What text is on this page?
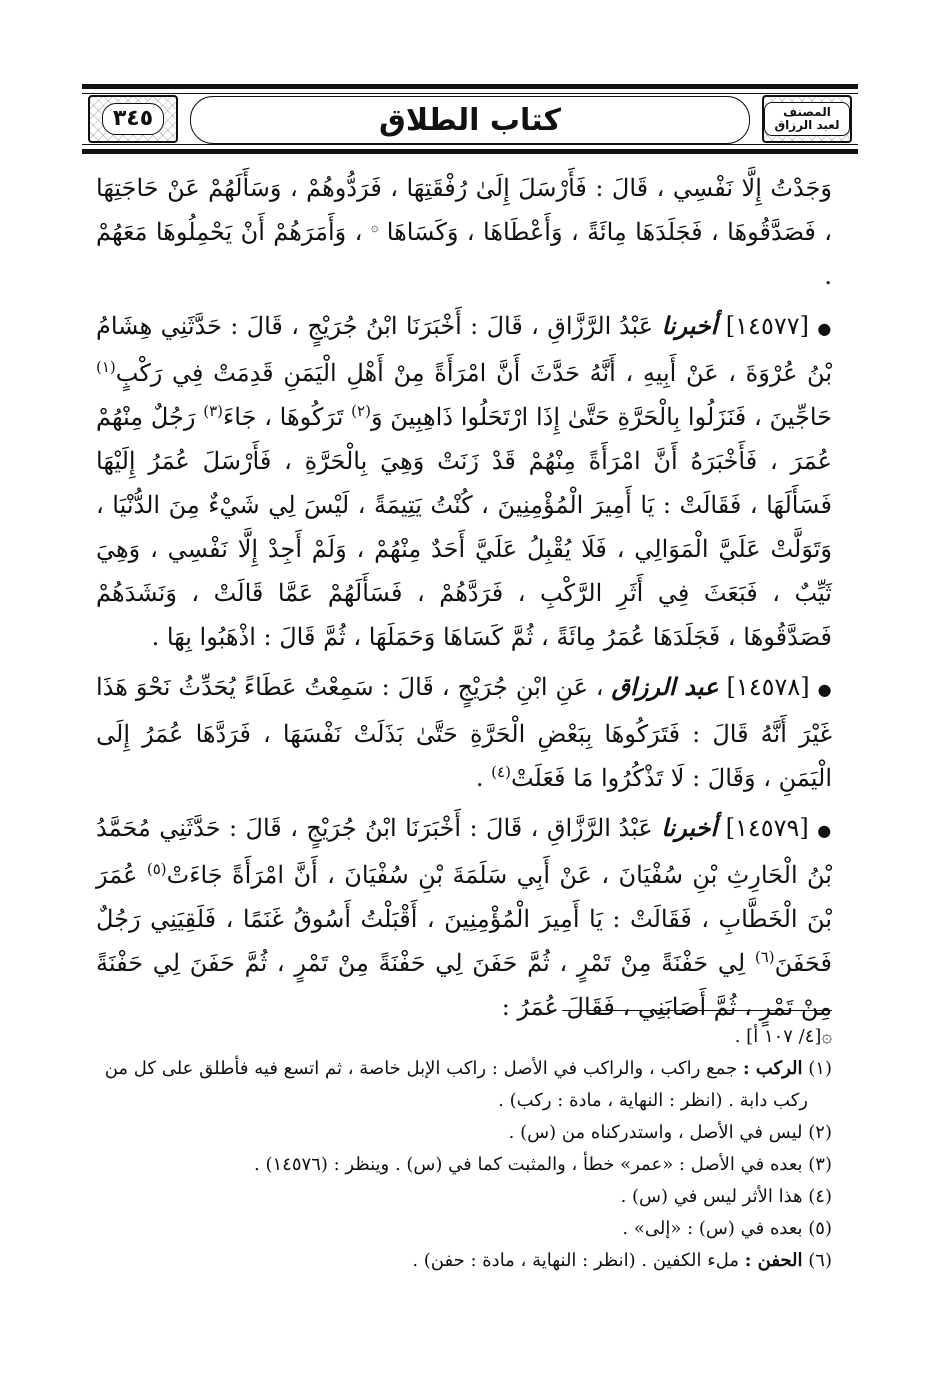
٣٤٥	كتاب الطلاق	المصنف لعبد الرزاق

وَجَدْتُ إِلَّا نَفْسِي ، قَالَ : فَأَرْسَلَ إِلَىٰ رُفْقَتِهَا ، فَرَدُّوهُمْ ، وَسَأَلَهُمْ عَنْ حَاجَتِهَا ، فَصَدَّقُوهَا ، فَجَلَدَهَا مِائَةً ، وَأَعْطَاهَا ، وَكَسَاهَا ۞ ، وَأَمَرَهُمْ أَنْ يَحْمِلُوهَا مَعَهُمْ .

● [١٤٥٧٧] أخبرنا عَبْدُ الرَّزَّاقِ ، قَالَ : أَخْبَرَنَا ابْنُ جُرَيْجٍ ، قَالَ : حَدَّثَنِي هِشَامُ بْنُ عُرْوَةَ ، عَنْ أَبِيهِ ، أَنَّهُ حَدَّثَ أَنَّ امْرَأَةً مِنْ أَهْلِ الْيَمَنِ قَدِمَتْ فِي رَكْبٍ$^{(١)}$ حَاجِّينَ ، فَنَزَلُوا بِالْحَرَّةِ حَتَّىٰ إِذَا ارْتَحَلُوا ذَاهِبِينَ وَ$^{(٢)}$ تَرَكُوهَا ، جَاءَ$^{(٣)}$ رَجُلٌ مِنْهُمْ عُمَرَ ، فَأَخْبَرَهُ أَنَّ امْرَأَةً مِنْهُمْ قَدْ زَنَتْ وَهِيَ بِالْحَرَّةِ ، فَأَرْسَلَ عُمَرُ إِلَيْهَا فَسَأَلَهَا ، فَقَالَتْ : يَا أَمِيرَ الْمُؤْمِنِينَ ، كُنْتُ يَتِيمَةً ، لَيْسَ لِي شَيْءٌ مِنَ الدُّنْيَا ، وَتَوَلَّتْ عَلَيَّ الْمَوَالِي ، فَلَا يُقْبِلُ عَلَيَّ أَحَدٌ مِنْهُمْ ، وَلَمْ أَجِدْ إِلَّا نَفْسِي ، وَهِيَ ثَيِّبٌ ، فَبَعَثَ فِي أَثَرِ الرَّكْبِ ، فَرَدَّهُمْ ، فَسَأَلَهُمْ عَمَّا قَالَتْ ، وَنَشَدَهُمْ فَصَدَّقُوهَا ، فَجَلَدَهَا عُمَرُ مِائَةً ، ثُمَّ كَسَاهَا وَحَمَلَهَا ، ثُمَّ قَالَ : اذْهَبُوا بِهَا .

● [١٤٥٧٨] عبد الرزاق ، عَنِ ابْنِ جُرَيْجٍ ، قَالَ : سَمِعْتُ عَطَاءً يُحَدِّثُ نَحْوَ هَذَا غَيْرَ أَنَّهُ قَالَ : فَتَرَكُوهَا بِبَعْضِ الْحَرَّةِ حَتَّىٰ بَذَلَتْ نَفْسَهَا ، فَرَدَّهَا عُمَرُ إِلَى الْيَمَنِ ، وَقَالَ : لَا تَذْكُرُوا مَا فَعَلَتْ$^{(٤)}$ .

● [١٤٥٧٩] أخبرنا عَبْدُ الرَّزَّاقِ ، قَالَ : أَخْبَرَنَا ابْنُ جُرَيْجٍ ، قَالَ : حَدَّثَنِي مُحَمَّدُ بْنُ الْحَارِثِ بْنِ سُفْيَانَ ، عَنْ أَبِي سَلَمَةَ بْنِ سُفْيَانَ ، أَنَّ امْرَأَةً جَاءَتْ$^{(٥)}$ عُمَرَ بْنَ الْخَطَّابِ ، فَقَالَتْ : يَا أَمِيرَ الْمُؤْمِنِينَ ، أَقْبَلْتُ أَسُوقُ غَنَمًا ، فَلَقِيَنِي رَجُلٌ فَحَفَنَ$^{(٦)}$ لِي حَفْنَةً مِنْ تَمْرٍ ، ثُمَّ حَفَنَ لِي حَفْنَةً مِنْ تَمْرٍ ، ثُمَّ حَفَنَ لِي حَفْنَةً مِنْ تَمْرٍ ، ثُمَّ أَصَابَنِي ، فَقَالَ عُمَرُ :

۞[٤/ ١٠٧ أ] .

(١) الركب : جمع راكب ، والراكب في الأصل : راكب الإبل خاصة ، ثم اتسع فيه فأطلق على كل من

ركب دابة . (انظر : النهاية ، مادة : ركب) .

(٢) ليس في الأصل ، واستدركناه من (س) .

(٣) بعده في الأصل : «عمر» خطأ ، والمثبت كما في (س) . وينظر : (١٤٥٧٦) .

(٤) هذا الأثر ليس في (س) .

(٥) بعده في (س) : «إلى» .

(٦) الحفن : ملء الكفين . (انظر : النهاية ، مادة : حفن) .
